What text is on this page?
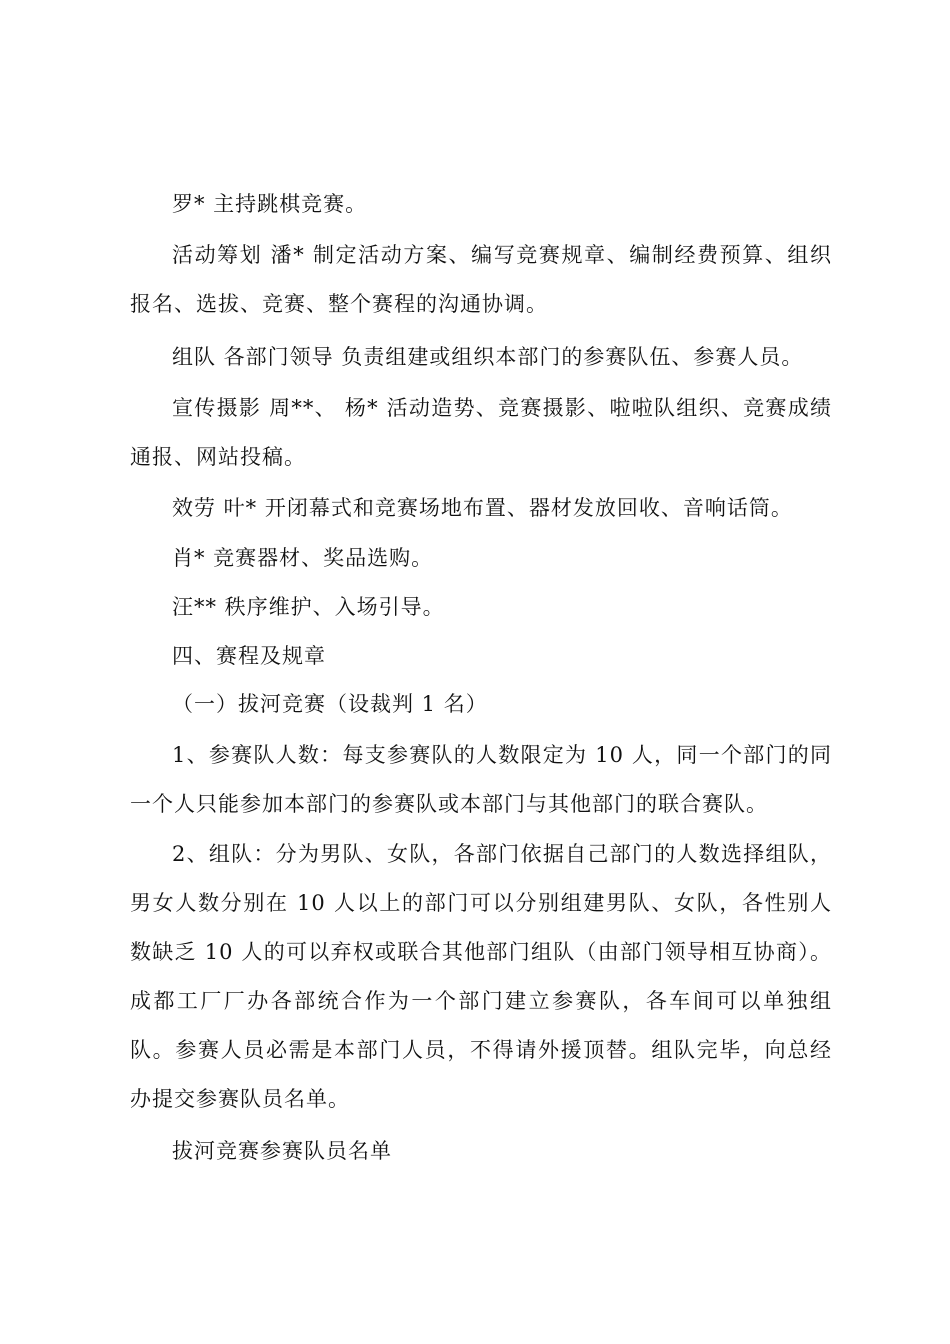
罗* 主持跳棋竞赛。

活动筹划 潘* 制定活动方案、编写竞赛规章、编制经费预算、组织报名、选拔、竞赛、整个赛程的沟通协调。

组队 各部门领导 负责组建或组织本部门的参赛队伍、参赛人员。

宣传摄影 周**、 杨* 活动造势、竞赛摄影、啦啦队组织、竞赛成绩通报、网站投稿。

效劳 叶* 开闭幕式和竞赛场地布置、器材发放回收、音响话筒。

肖* 竞赛器材、奖品选购。

汪** 秩序维护、入场引导。

四、赛程及规章

（一）拔河竞赛（设裁判 1 名）

1、参赛队人数：每支参赛队的人数限定为 10 人，同一个部门的同一个人只能参加本部门的参赛队或本部门与其他部门的联合赛队。

2、组队：分为男队、女队，各部门依据自己部门的人数选择组队，男女人数分别在 10 人以上的部门可以分别组建男队、女队，各性别人数缺乏 10 人的可以弃权或联合其他部门组队（由部门领导相互协商）。成都工厂厂办各部统合作为一个部门建立参赛队，各车间可以单独组队。参赛人员必需是本部门人员，不得请外援顶替。组队完毕，向总经办提交参赛队员名单。

拔河竞赛参赛队员名单
